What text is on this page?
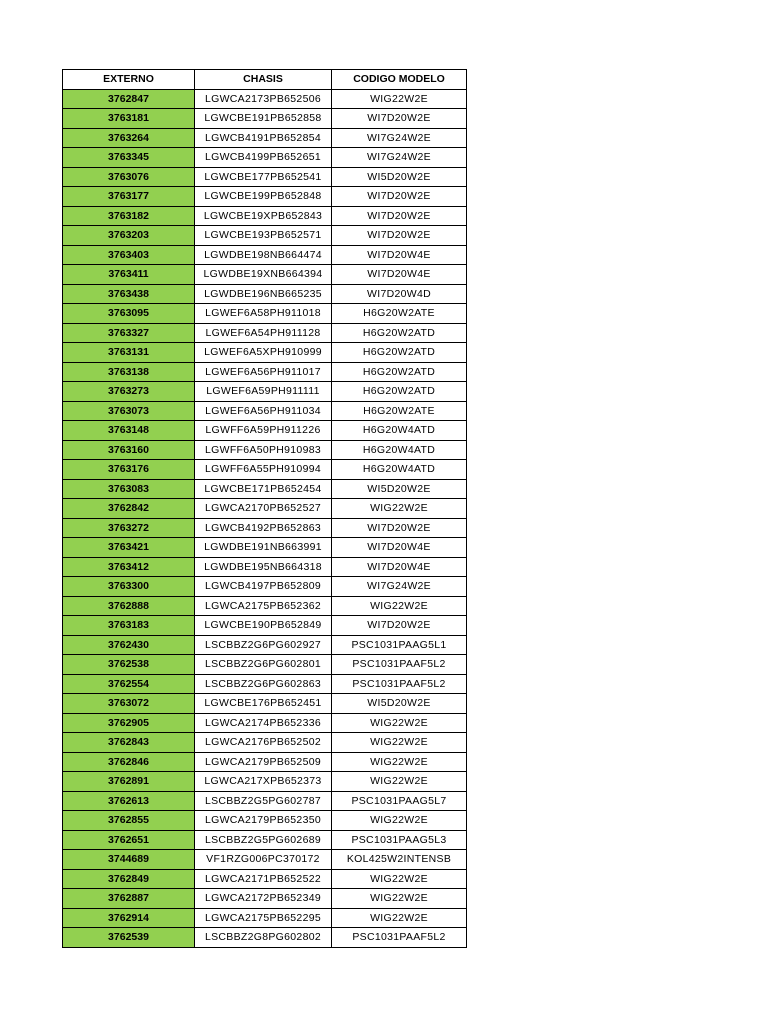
EXTERNO	CHASIS	CODIGO MODELO
3762847	LGWCA2173PB652506	WIG22W2E
3763181	LGWCBE191PB652858	WI7D20W2E
3763264	LGWCB4191PB652854	WI7G24W2E
3763345	LGWCB4199PB652651	WI7G24W2E
3763076	LGWCBE177PB652541	WI5D20W2E
3763177	LGWCBE199PB652848	WI7D20W2E
3763182	LGWCBE19XPB652843	WI7D20W2E
3763203	LGWCBE193PB652571	WI7D20W2E
3763403	LGWDBE198NB664474	WI7D20W4E
3763411	LGWDBE19XNB664394	WI7D20W4E
3763438	LGWDBE196NB665235	WI7D20W4D
3763095	LGWEF6A58PH911018	H6G20W2ATE
3763327	LGWEF6A54PH911128	H6G20W2ATD
3763131	LGWEF6A5XPH910999	H6G20W2ATD
3763138	LGWEF6A56PH911017	H6G20W2ATD
3763273	LGWEF6A59PH911111	H6G20W2ATD
3763073	LGWEF6A56PH911034	H6G20W2ATE
3763148	LGWFF6A59PH911226	H6G20W4ATD
3763160	LGWFF6A50PH910983	H6G20W4ATD
3763176	LGWFF6A55PH910994	H6G20W4ATD
3763083	LGWCBE171PB652454	WI5D20W2E
3762842	LGWCA2170PB652527	WIG22W2E
3763272	LGWCB4192PB652863	WI7D20W2E
3763421	LGWDBE191NB663991	WI7D20W4E
3763412	LGWDBE195NB664318	WI7D20W4E
3763300	LGWCB4197PB652809	WI7G24W2E
3762888	LGWCA2175PB652362	WIG22W2E
3763183	LGWCBE190PB652849	WI7D20W2E
3762430	LSCBBZ2G6PG602927	PSC1031PAAG5L1
3762538	LSCBBZ2G6PG602801	PSC1031PAAF5L2
3762554	LSCBBZ2G6PG602863	PSC1031PAAF5L2
3763072	LGWCBE176PB652451	WI5D20W2E
3762905	LGWCA2174PB652336	WIG22W2E
3762843	LGWCA2176PB652502	WIG22W2E
3762846	LGWCA2179PB652509	WIG22W2E
3762891	LGWCA217XPB652373	WIG22W2E
3762613	LSCBBZ2G5PG602787	PSC1031PAAG5L7
3762855	LGWCA2179PB652350	WIG22W2E
3762651	LSCBBZ2G5PG602689	PSC1031PAAG5L3
3744689	VF1RZG006PC370172	KOL425W2INTENSB
3762849	LGWCA2171PB652522	WIG22W2E
3762887	LGWCA2172PB652349	WIG22W2E
3762914	LGWCA2175PB652295	WIG22W2E
3762539	LSCBBZ2G8PG602802	PSC1031PAAF5L2
